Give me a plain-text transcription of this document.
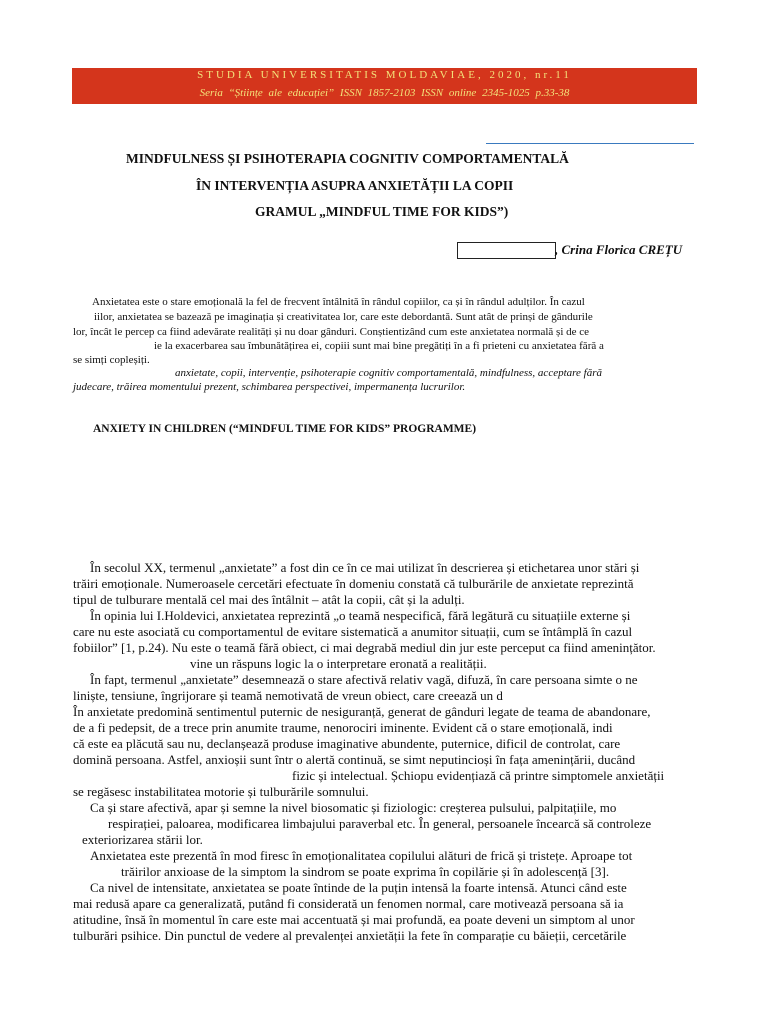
STUDIA UNIVERSITATIS MOLDAVIAE, 2020, nr.11
Seria “Științe ale educației” ISSN 1857-2103 ISSN online 2345-1025 p.33-38
MINDFULNESS ȘI PSIHOTERAPIA COGNITIV COMPORTAMENTALĂ
ÎN INTERVENȚIA ASUPRA ANXIETĂȚII LA COPII
GRAMUL „MINDFUL TIME FOR KIDS”)
, Crina Florica CREȚU
Anxietatea este o stare emoțională la fel de frecvent întâlnită în rândul copiilor, ca și în rândul adulților. În cazul
iilor, anxietatea se bazează pe imaginația și creativitatea lor, care este debordantă. Sunt atât de prinși de gândurile
lor, încât le percep ca fiind adevărate realități și nu doar gânduri. Conștientizând cum este anxietatea normală și de ce
ie la exacerbarea sau îmbunătățirea ei, copiii sunt mai bine pregătiți în a fi prieteni cu anxietatea fără a
se simți copleșiți.
anxietate, copii, intervenție, psihoterapie cognitiv comportamentală, mindfulness, acceptare fără
judecare, trăirea momentului prezent, schimbarea perspectivei, impermanența lucrurilor.
ANXIETY IN CHILDREN (“MINDFUL TIME FOR KIDS” PROGRAMME)
În secolul XX, termenul „anxietate” a fost din ce în ce mai utilizat în descrierea și etichetarea unor stări și
trăiri emoționale. Numeroasele cercetări efectuate în domeniu constată că tulburările de anxietate reprezintă
tipul de tulburare mentală cel mai des întâlnit – atât la copii, cât și la adulți.
În opinia lui I.Holdevici, anxietatea reprezintă „o teamă nespecifică, fără legătură cu situațiile externe și
care nu este asociată cu comportamentul de evitare sistematică a anumitor situații, cum se întâmplă în cazul
fobiilor” [1, p.24). Nu este o teamă fără obiect, ci mai degrabă mediul din jur este perceput ca fiind amenințător.
vine un răspuns logic la o interpretare eronată a realității.
În fapt, termenul „anxietate” desemnează o stare afectivă relativ vagă, difuză, în care persoana simte o ne
liniște, tensiune, îngrijorare și teamă nemotivată de vreun obiect, care creează un d
În anxietate predomină sentimentul puternic de nesiguranță, generat de gânduri legate de teama de abandonare,
de a fi pedepsit, de a trece prin anumite traume, nenorociri iminente. Evident că o stare emoțională, indi
că este ea plăcută sau nu, declanșează produse imaginative abundente, puternice, dificil de controlat, care
domină persoana. Astfel, anxioșii sunt într o alertă continuă, se simt neputincioși în fața amenințării, ducând
fizic și intelectual. Șchiopu evidențiază că printre simptomele anxietății
se regăsesc instabilitatea motorie și tulburările somnului.
Ca și stare afectivă, apar și semne la nivel biosomatic și fiziologic: creșterea pulsului, palpitațiile, mo
respirației, paloarea, modificarea limbajului paraverbal etc. În general, persoanele încearcă să controleze
exteriorizarea stării lor.
Anxietatea este prezentă în mod firesc în emoționalitatea copilului alături de frică și tristețe. Aproape tot
trăirilor anxioase de la simptom la sindrom se poate exprima în copilărie și în adolescență [3].
Ca nivel de intensitate, anxietatea se poate întinde de la puțin intensă la foarte intensă. Atunci când este
mai redusă apare ca generalizată, putând fi considerată un fenomen normal, care motivează persoana să ia
atitudine, însă în momentul în care este mai accentuată și mai profundă, ea poate deveni un simptom al unor
tulburări psihice. Din punctul de vedere al prevalenței anxietății la fete în comparație cu băieții, cercetările
